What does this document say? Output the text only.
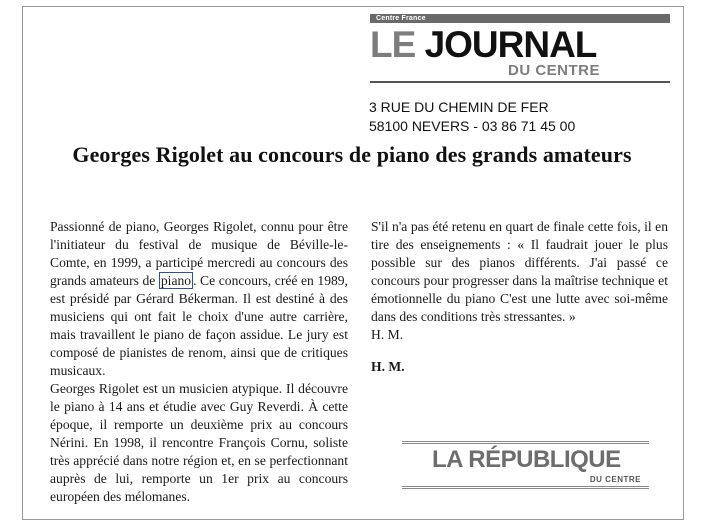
Centre France
LE JOURNAL
DU CENTRE
3 RUE DU CHEMIN DE FER
58100 NEVERS - 03 86 71 45 00
Georges Rigolet au concours de piano des grands amateurs

Passionné de piano, Georges Rigolet, connu pour être l'initiateur du festival de musique de Béville-le-Comte, en 1999, a participé mercredi au concours des grands amateurs de piano . Ce concours, créé en 1989, est présidé par Gérard Békerman. Il est destiné à des musiciens qui ont fait le choix d'une autre carrière, mais travaillent le piano de façon assidue. Le jury est composé de pianistes de renom, ainsi que de critiques musicaux.

Georges Rigolet est un musicien atypique. Il découvre le piano à 14 ans et étudie avec Guy Reverdi. À cette époque, il remporte un deuxième prix au concours Nérini. En 1998, il rencontre François Cornu, soliste très apprécié dans notre région et, en se perfectionnant auprès de lui, remporte un 1er prix au concours européen des mélomanes.

S'il n'a pas été retenu en quart de finale cette fois, il en tire des enseignements : « Il faudrait jouer le plus possible sur des pianos différents. J'ai passé ce concours pour progresser dans la maîtrise technique et émotionnelle du piano C'est une lutte avec soi-même dans des conditions très stressantes. »

H. M.

H. M.

LA RÉPUBLIQUE
DU CENTRE
